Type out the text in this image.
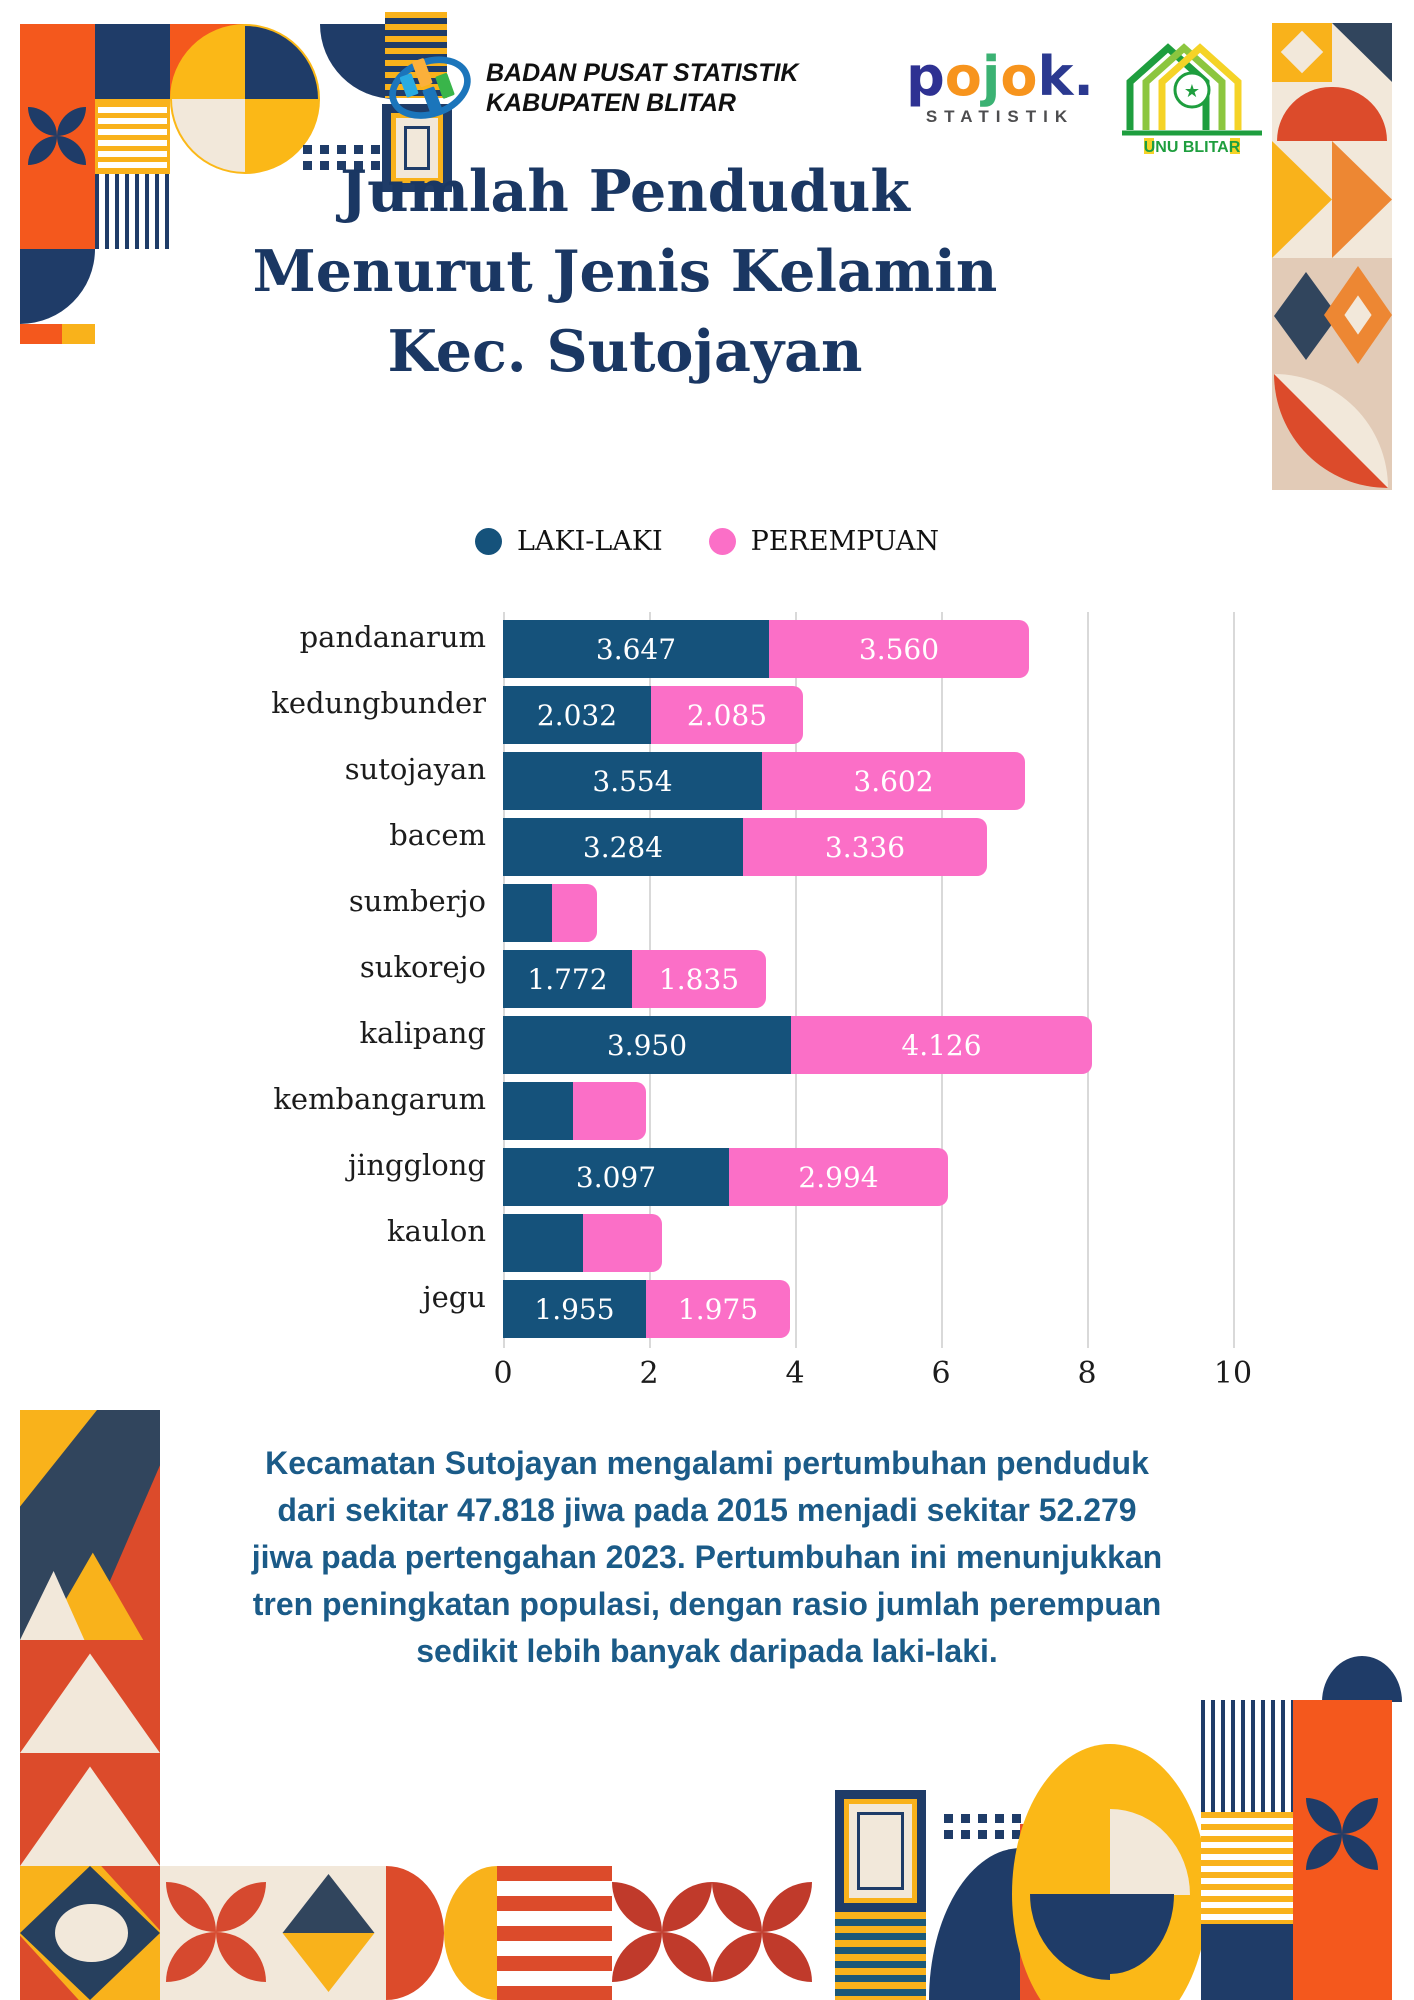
BADAN PUSAT STATISTIK
KABUPATEN BLITAR	pojok.
STATISTIK
★
UNU BLITAR
Jumlah Penduduk
Menurut Jenis Kelamin
Kec. Sutojayan
LAKI-LAKI	PEREMPUAN
0	2	4	6	8	10
pandanarum	3.647	3.560
kedungbunder 2.032 2.085
sutojayan	3.554	3.602
bacem	3.284	3.336
sumberjo
sukorejo 1.772 1.835
kalipang	3.950	4.126
kembangarum
jingglong	3.097	2.994
kaulon
jegu 1.955 1.975
Kecamatan Sutojayan mengalami pertumbuhan penduduk
dari sekitar 47.818 jiwa pada 2015 menjadi sekitar 52.279
jiwa pada pertengahan 2023. Pertumbuhan ini menunjukkan
tren peningkatan populasi, dengan rasio jumlah perempuan
sedikit lebih banyak daripada laki-laki.
